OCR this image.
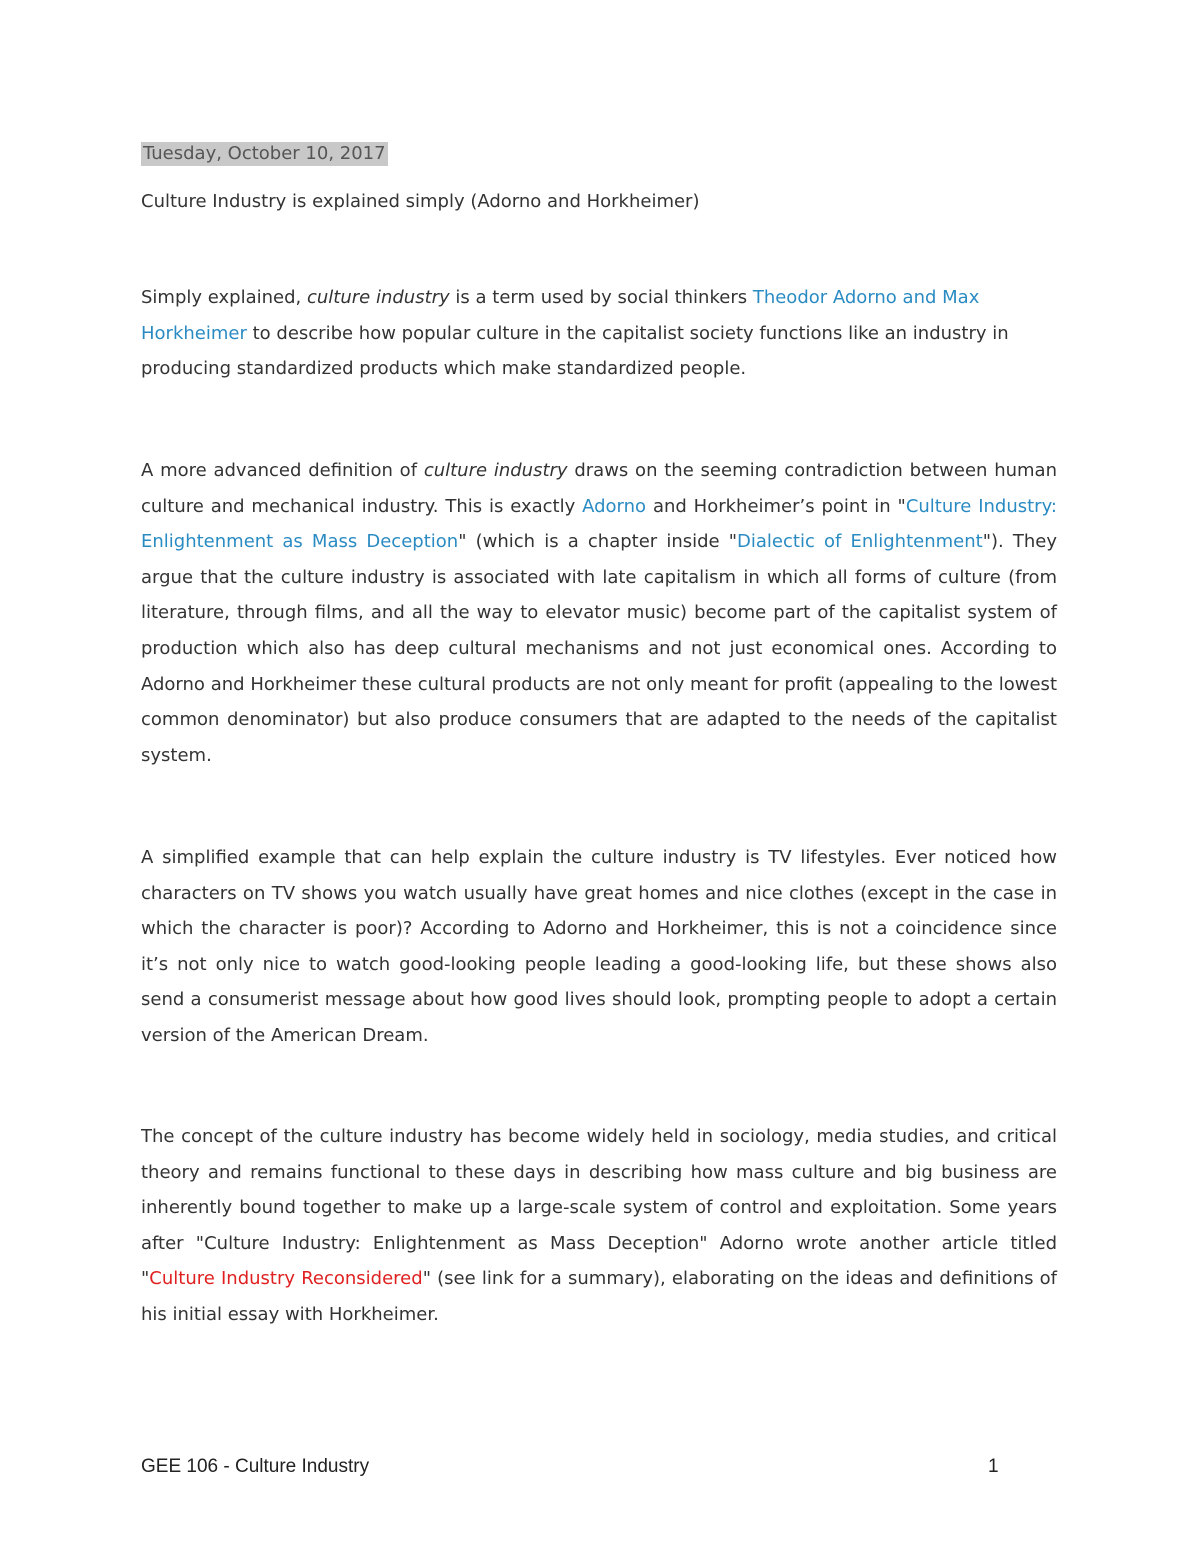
Tuesday, October 10, 2017
Culture Industry is explained simply (Adorno and Horkheimer)

Simply explained, culture industry is a term used by social thinkers Theodor Adorno and Max Horkheimer to describe how popular culture in the capitalist society functions like an industry in producing standardized products which make standardized people.

A more advanced definition of culture industry draws on the seeming contradiction between human culture and mechanical industry. This is exactly Adorno and Horkheimer’s point in "Culture Industry: Enlightenment as Mass Deception" (which is a chapter inside "Dialectic of Enlightenment"). They argue that the culture industry is associated with late capitalism in which all forms of culture (from literature, through films, and all the way to elevator music) become part of the capitalist system of production which also has deep cultural mechanisms and not just economical ones. According to Adorno and Horkheimer these cultural products are not only meant for profit (appealing to the lowest common denominator) but also produce consumers that are adapted to the needs of the capitalist system.

A simplified example that can help explain the culture industry is TV lifestyles. Ever noticed how characters on TV shows you watch usually have great homes and nice clothes (except in the case in which the character is poor)? According to Adorno and Horkheimer, this is not a coincidence since it’s not only nice to watch good-looking people leading a good-looking life, but these shows also send a consumerist message about how good lives should look, prompting people to adopt a certain version of the American Dream.

The concept of the culture industry has become widely held in sociology, media studies, and critical theory and remains functional to these days in describing how mass culture and big business are inherently bound together to make up a large-scale system of control and exploitation. Some years after "Culture Industry: Enlightenment as Mass Deception" Adorno wrote another article titled "Culture Industry Reconsidered" (see link for a summary), elaborating on the ideas and definitions of his initial essay with Horkheimer.

GEE 106 - Culture Industry	1
